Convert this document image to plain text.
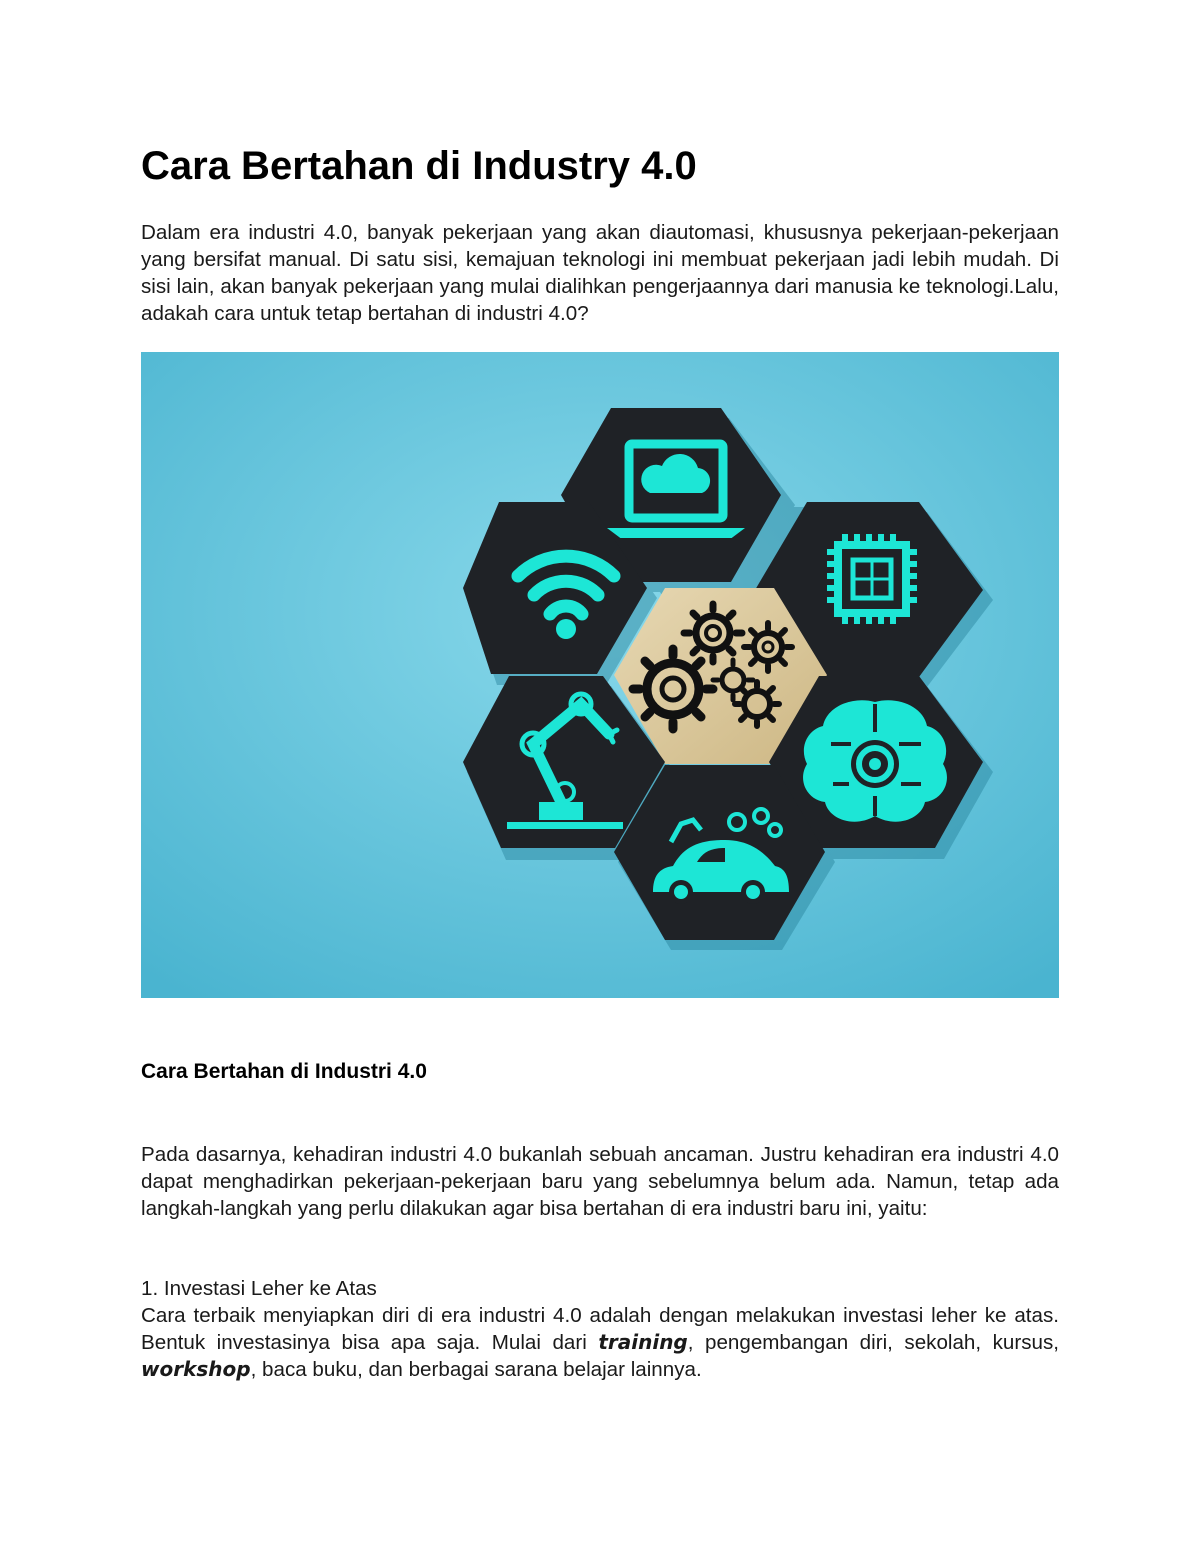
Cara Bertahan di Industry 4.0

Dalam era industri 4.0, banyak pekerjaan yang akan diautomasi, khususnya pekerjaan-pekerjaan yang bersifat manual. Di satu sisi, kemajuan teknologi ini membuat pekerjaan jadi lebih mudah. Di sisi lain, akan banyak pekerjaan yang mulai dialihkan pengerjaannya dari manusia ke teknologi.Lalu, adakah cara untuk tetap bertahan di industri 4.0?

Cara Bertahan di Industri 4.0

Pada dasarnya, kehadiran industri 4.0 bukanlah sebuah ancaman. Justru kehadiran era industri 4.0 dapat menghadirkan pekerjaan-pekerjaan baru yang sebelumnya belum ada. Namun, tetap ada langkah-langkah yang perlu dilakukan agar bisa bertahan di era industri baru ini, yaitu:

1. Investasi Leher ke Atas

Cara terbaik menyiapkan diri di era industri 4.0 adalah dengan melakukan investasi leher ke atas. Bentuk investasinya bisa apa saja. Mulai dari training, pengembangan diri, sekolah, kursus, workshop, baca buku, dan berbagai sarana belajar lainnya.
